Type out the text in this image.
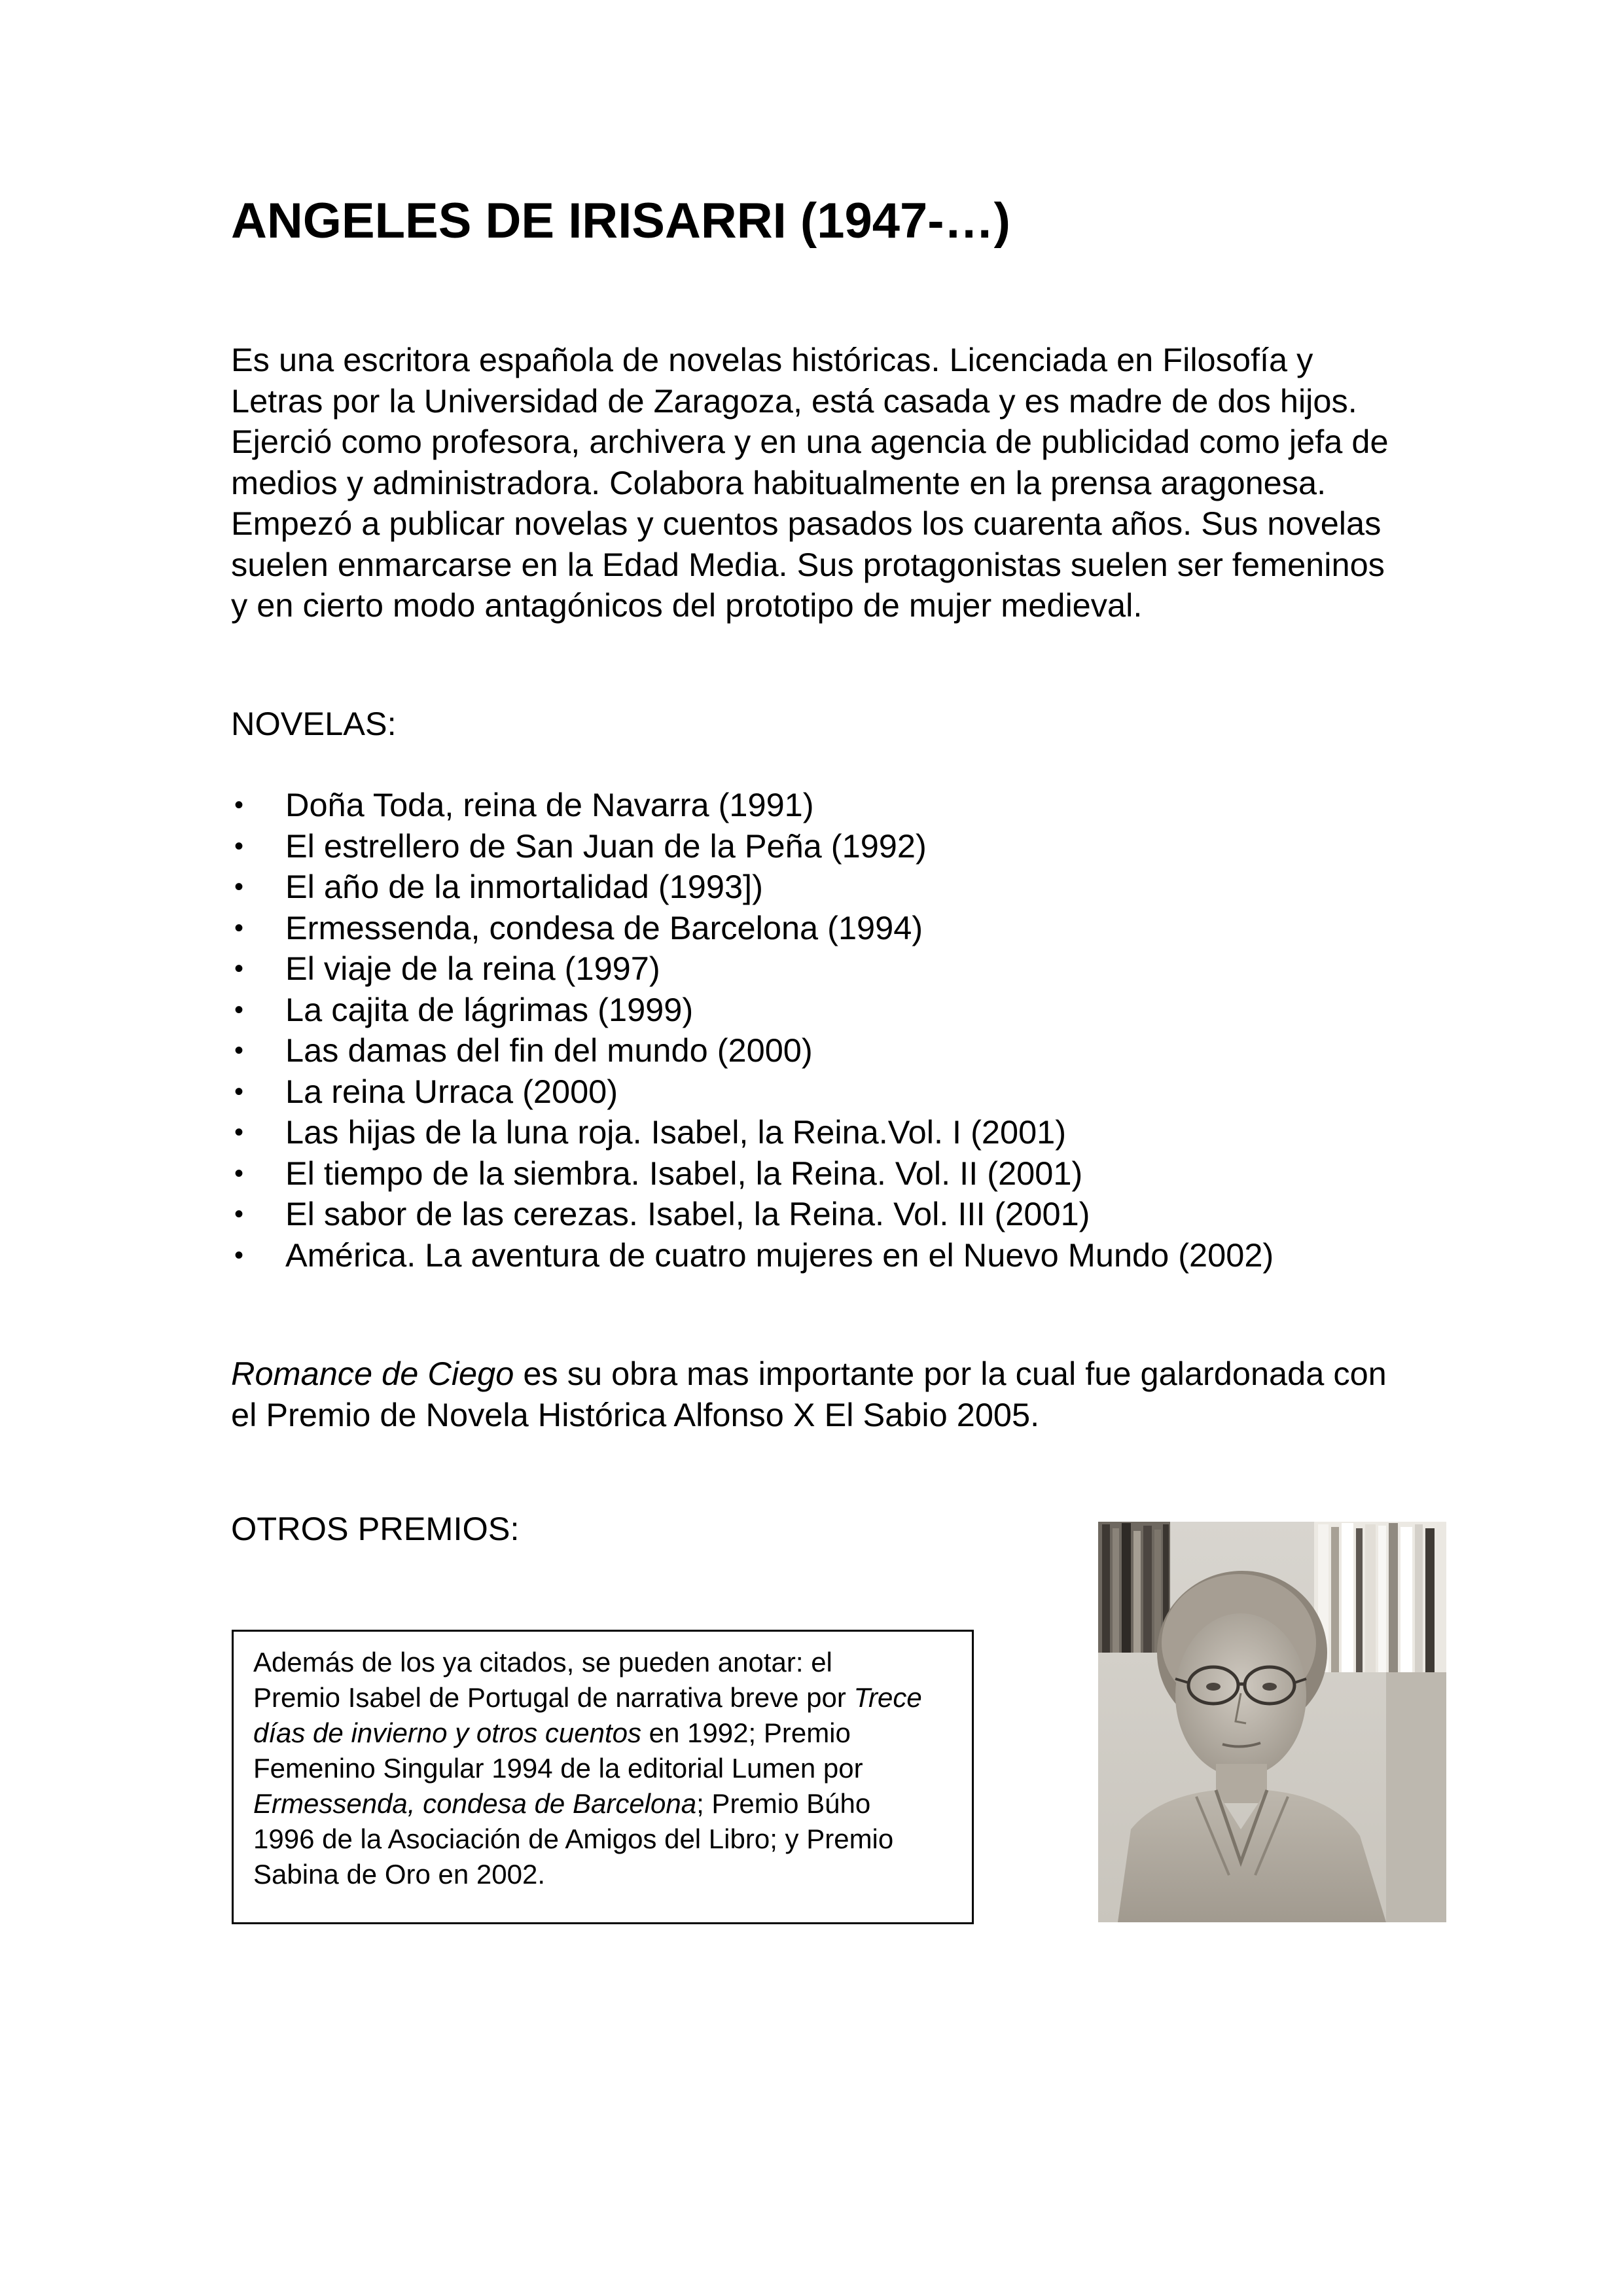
ANGELES DE IRISARRI (1947-…)
Es una escritora española de novelas históricas. Licenciada en Filosofía y
Letras por la Universidad de Zaragoza, está casada y es madre de dos hijos.
Ejerció como profesora, archivera y en una agencia de publicidad como jefa de
medios y administradora. Colabora habitualmente en la prensa aragonesa.
Empezó a publicar novelas y cuentos pasados los cuarenta años. Sus novelas
suelen enmarcarse en la Edad Media. Sus protagonistas suelen ser femeninos
y en cierto modo antagónicos del prototipo de mujer medieval.

NOVELAS:

• Doña Toda, reina de Navarra (1991)
• El estrellero de San Juan de la Peña (1992)
• El año de la inmortalidad (1993])
• Ermessenda, condesa de Barcelona (1994)
• El viaje de la reina (1997)
• La cajita de lágrimas (1999)
• Las damas del fin del mundo (2000)
• La reina Urraca (2000)
• Las hijas de la luna roja. Isabel, la Reina.Vol. I (2001)
• El tiempo de la siembra. Isabel, la Reina. Vol. II (2001)
• El sabor de las cerezas. Isabel, la Reina. Vol. III (2001)
• América. La aventura de cuatro mujeres en el Nuevo Mundo (2002)
Romance de Ciego es su obra mas importante por la cual fue galardonada con
el Premio de Novela Histórica Alfonso X El Sabio 2005.

OTROS PREMIOS:

Además de los ya citados, se pueden anotar: el

Premio Isabel de Portugal de narrativa breve por Trece

días de invierno y otros cuentos en 1992; Premio

Femenino Singular 1994 de la editorial Lumen por

Ermessenda, condesa de Barcelona; Premio Búho

1996 de la Asociación de Amigos del Libro; y Premio

Sabina de Oro en 2002.
